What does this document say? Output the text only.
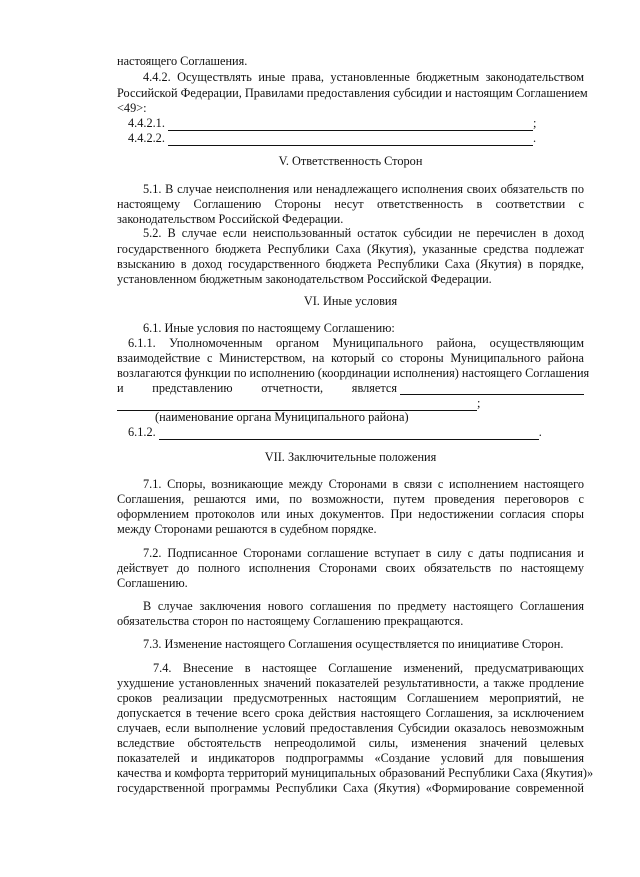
настоящего Соглашения.
4.4.2. Осуществлять иные права, установленные бюджетным законодательством
Российской Федерации, Правилами предоставления субсидии и настоящим Соглашением
<49>:
4.4.2.1.	;
4.4.2.2.	.
V. Ответственность Сторон
5.1. В случае неисполнения или ненадлежащего исполнения своих обязательств по
настоящему Соглашению Стороны несут ответственность в соответствии с
законодательством Российской Федерации.
5.2. В случае если неиспользованный остаток субсидии не перечислен в доход
государственного бюджета Республики Саха (Якутия), указанные средства подлежат
взысканию в доход государственного бюджета Республики Саха (Якутия) в порядке,
установленном бюджетным законодательством Российской Федерации.
VI. Иные условия
6.1. Иные условия по настоящему Соглашению:
6.1.1. Уполномоченным органом Муниципального района, осуществляющим
взаимодействие с Министерством, на который со стороны Муниципального района
возлагаются функции по исполнению (координации исполнения) настоящего Соглашения
и представлению отчетности, является
;
(наименование органа Муниципального района)
6.1.2.	.
VII. Заключительные положения
7.1. Споры, возникающие между Сторонами в связи с исполнением настоящего
Соглашения, решаются ими, по возможности, путем проведения переговоров с
оформлением протоколов или иных документов. При недостижении согласия споры
между Сторонами решаются в судебном порядке.
7.2. Подписанное Сторонами соглашение вступает в силу с даты подписания и
действует до полного исполнения Сторонами своих обязательств по настоящему
Соглашению.
В случае заключения нового соглашения по предмету настоящего Соглашения
обязательства сторон по настоящему Соглашению прекращаются.
7.3. Изменение настоящего Соглашения осуществляется по инициативе Сторон.
7.4. Внесение в настоящее Соглашение изменений, предусматривающих
ухудшение установленных значений показателей результативности, а также продление
сроков реализации предусмотренных настоящим Соглашением мероприятий, не
допускается в течение всего срока действия настоящего Соглашения, за исключением
случаев, если выполнение условий предоставления Субсидии оказалось невозможным
вследствие обстоятельств непреодолимой силы, изменения значений целевых
показателей и индикаторов подпрограммы «Создание условий для повышения
качества и комфорта территорий муниципальных образований Республики Саха (Якутия)»
государственной программы Республики Саха (Якутия) «Формирование современной
